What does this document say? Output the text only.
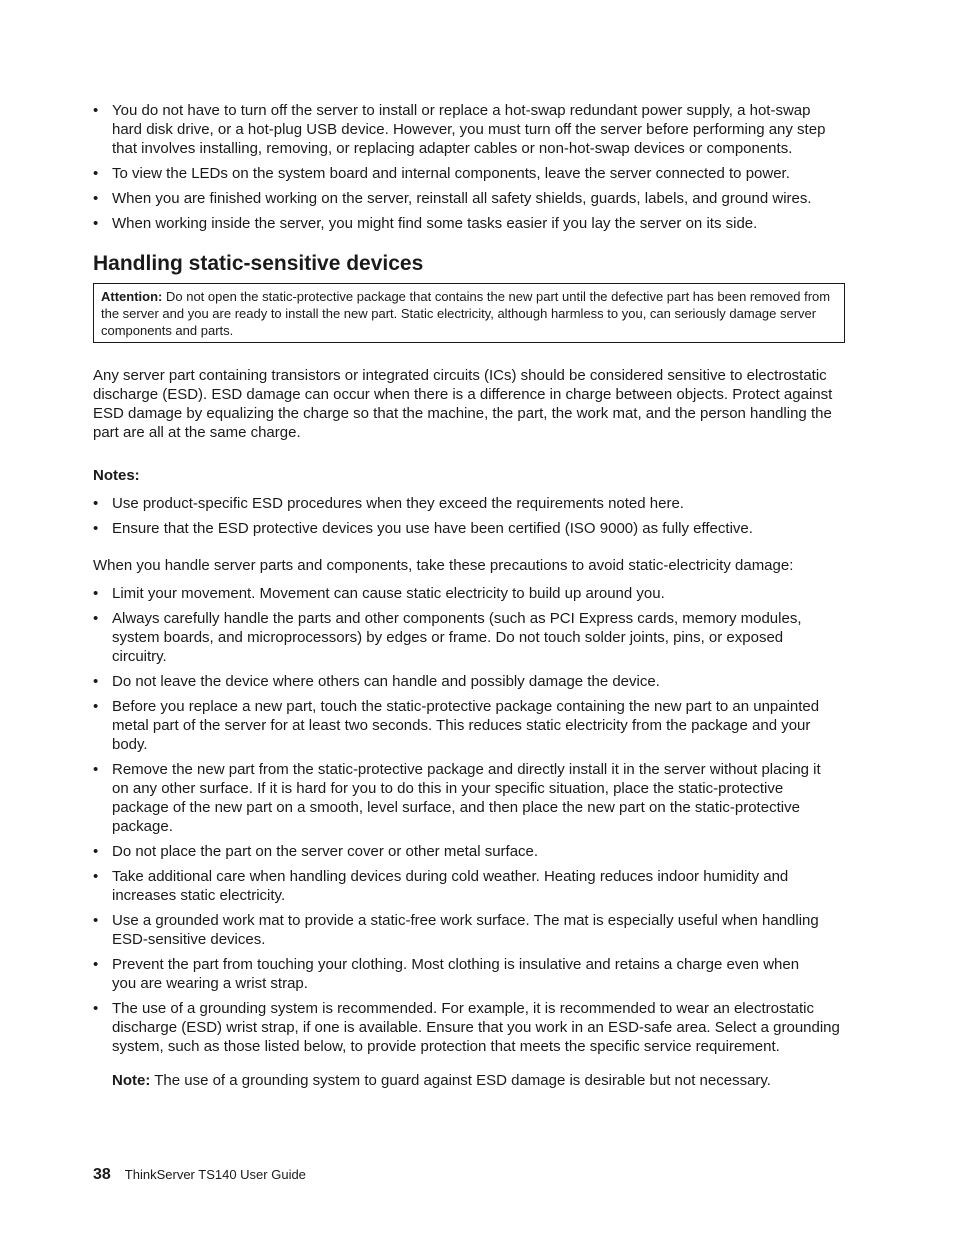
• You do not have to turn off the server to install or replace a hot-swap redundant power supply, a hot-swap hard disk drive, or a hot-plug USB device. However, you must turn off the server before performing any step that involves installing, removing, or replacing adapter cables or non-hot-swap devices or components.
• To view the LEDs on the system board and internal components, leave the server connected to power.
• When you are finished working on the server, reinstall all safety shields, guards, labels, and ground wires.
• When working inside the server, you might find some tasks easier if you lay the server on its side.
Handling static-sensitive devices
Attention: Do not open the static-protective package that contains the new part until the defective part has been removed from the server and you are ready to install the new part. Static electricity, although harmless to you, can seriously damage server components and parts.

Any server part containing transistors or integrated circuits (ICs) should be considered sensitive to electrostatic discharge (ESD). ESD damage can occur when there is a difference in charge between objects. Protect against ESD damage by equalizing the charge so that the machine, the part, the work mat, and the person handling the part are all at the same charge.

Notes:
• Use product-specific ESD procedures when they exceed the requirements noted here.
• Ensure that the ESD protective devices you use have been certified (ISO 9000) as fully effective.

When you handle server parts and components, take these precautions to avoid static-electricity damage:

• Limit your movement. Movement can cause static electricity to build up around you.
• Always carefully handle the parts and other components (such as PCI Express cards, memory modules, system boards, and microprocessors) by edges or frame. Do not touch solder joints, pins, or exposed circuitry.
• Do not leave the device where others can handle and possibly damage the device.
• Before you replace a new part, touch the static-protective package containing the new part to an unpainted metal part of the server for at least two seconds. This reduces static electricity from the package and your body.
• Remove the new part from the static-protective package and directly install it in the server without placing it on any other surface. If it is hard for you to do this in your specific situation, place the static-protective package of the new part on a smooth, level surface, and then place the new part on the static-protective package.
• Do not place the part on the server cover or other metal surface.
• Take additional care when handling devices during cold weather. Heating reduces indoor humidity and increases static electricity.
• Use a grounded work mat to provide a static-free work surface. The mat is especially useful when handling ESD-sensitive devices.
• Prevent the part from touching your clothing. Most clothing is insulative and retains a charge even when you are wearing a wrist strap.
• The use of a grounding system is recommended. For example, it is recommended to wear an electrostatic discharge (ESD) wrist strap, if one is available. Ensure that you work in an ESD-safe area. Select a grounding system, such as those listed below, to provide protection that meets the specific service requirement.
Note: The use of a grounding system to guard against ESD damage is desirable but not necessary.
38 ThinkServer TS140 User Guide
